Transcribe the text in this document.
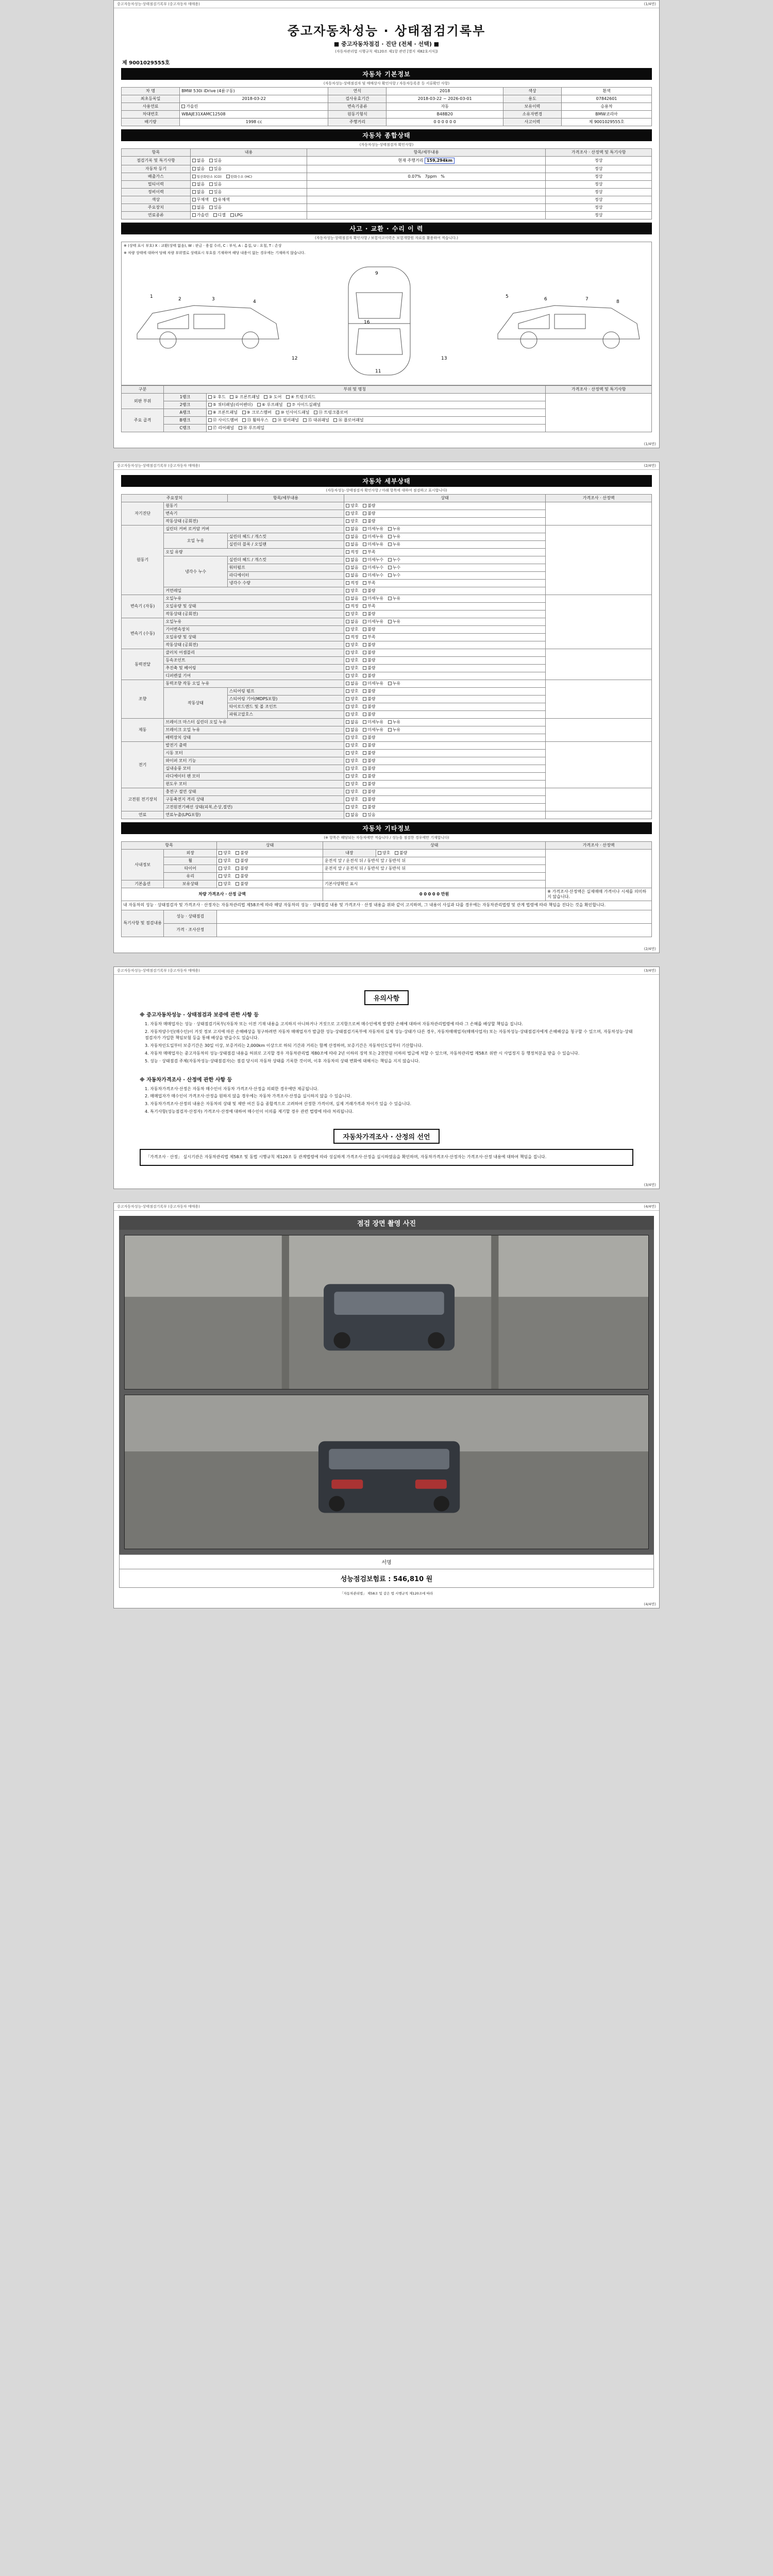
중고자동차성능·상태점검기록부 (중고자동차 매매용)	(1/4면)
중고자동차성능 · 상태점검기록부
■ 중고자동차점검 · 진단 (전체 · 선택) ■
(자동차관리법 시행규칙 제120조 제1항 관련 [별지 제82호서식])
제 9001029555호
자동차 기본정보
(자동차성능·상태점검자 및 매매상사 확인사항 / 자동차등록증 등 서류확인 사항)
차 명	BMW 530i iDrive (4륜구동)	연식	2018	색상	흰색
최초등록일	2018-03-22	검사유효기간	2018-03-22 ~ 2026-03-01	용도	07842601
사용연료	가솔린	변속기종류	자동	보유이력	승용차
차대번호	WBAJE31XAMC12508	원동기형식	B48B20	소유자변경	BMW코리아
배기량	1998 cc	주행거리	0 0 0 0 0 0	사고이력	제 9001029555호
자동차 종합상태
(자동차성능·상태점검자 확인사항)
항목	내용	항목/세부내용	가격조사 · 산정액 및 특기사항
점검기록 및 특기사항	없음 있음	현재 주행거리 159,294km	정상
자동차 등기	없음 있음		정상
배출가스	일산화탄소 (CO) 탄화수소 (HC)	0.07% 7ppm %	정상
멀티이력	없음 있음		정상
정비이력	없음 있음		정상
색상	무채색 유채색		정상
주요장치	없음 있음		정상
연료종류	가솔린 디젤 LPG		정상
사고 · 교환 · 수리 이 력
(자동차성능·상태점검자 확인사항 / 보험사고이력은 보험개발원 자료를 활용하여 적습니다.)
※ (상태 표시 부호) X : 교환(상태 없음), W : 판금 · 용접 수리, C : 부식, A : 흠집, U : 요철, T : 손상
※ 차량 상태에 대하여 당해 차량 부위별로 상태표시 부호를 기재하며 해당 내용이 없는 경우에는 기재하지 않습니다.
1	2	3	4
16
9
11
5	6	7	8
12	13
구분	부위 및 명칭		가격조사 · 산정액 및 특기사항
외판 부위	1랭크	① 후드 ② 프론트패널 ③ 도어 ④ 트렁크리드	
	2랭크	⑤ 쿼터패널(리어펜더) ⑥ 루프패널 ⑦ 사이드실패널	
주요 골격	A랭크	⑧ 프론트패널 ⑨ 크로스멤버 ⑩ 인사이드패널 ⑪ 트렁크플로어	
	B랭크	⑫ 사이드멤버 ⑬ 휠하우스 ⑭ 필러패널 ⑮ 대쉬패널 ⑯ 플로어패널	
	C랭크	⑰ 리어패널 ⑱ 루프레일	
(1/4면)
중고자동차성능·상태점검기록부 (중고자동차 매매용)	(2/4면)
자동차 세부상태
(자동차성능·상태점검자 확인사항 / 아래 항목에 대하여 점검하고 표시합니다)
주요장치		항목/세부내용	상태	가격조사 · 산정액
자기진단	원동기		양호 불량	
	변속기		양호 불량	
	작동상태 (공회전)		양호 불량	
원동기	실린더 커버 로커암 커버		없음 미세누유 누유	
	오일 누유	실린더 헤드 / 개스킷	없음 미세누유 누유	
		실린더 블록 / 오일팬	없음 미세누유 누유	
	오일 유량		적정 부족	
	냉각수 누수	실린더 헤드 / 개스킷	없음 미세누수 누수	
		워터펌프	없음 미세누수 누수	
		라디에이터	없음 미세누수 누수	
		냉각수 수량	적정 부족	
	커먼레일		양호 불량	
변속기 (자동)	오일누유		없음 미세누유 누유	
	오일유량 및 상태		적정 부족	
	작동상태 (공회전)		양호 불량	
변속기 (수동)	오일누유		없음 미세누유 누유	
	기어변속장치		양호 불량	
	오일유량 및 상태		적정 부족	
	작동상태 (공회전)		양호 불량	
동력전달	클러치 어셈블리		양호 불량	
	등속조인트		양호 불량	
	추진축 및 베어링		양호 불량	
	디퍼렌셜 기어		양호 불량	
조향	동력조향 작동 오일 누유		없음 미세누유 누유	
	작동상태	스티어링 펌프	양호 불량	
		스티어링 기어(MDPS포함)	양호 불량	
		타이로드엔드 및 볼 조인트	양호 불량	
		파워고압호스	양호 불량	
제동	브레이크 마스터 실린더 오일 누유		없음 미세누유 누유	
	브레이크 오일 누유		없음 미세누유 누유	
	배력장치 상태		양호 불량	
전기	발전기 출력		양호 불량	
	시동 모터		양호 불량	
	와이퍼 모터 기능		양호 불량	
	실내송풍 모터		양호 불량	
	라디에이터 팬 모터		양호 불량	
	윈도우 모터		양호 불량	
고전원 전기장치	충전구 절연 상태		양호 불량	
	구동축전지 격리 상태		양호 불량	
	고전원전기배선 상태(피복,손상,절연)		양호 불량	
연료	연료누출(LPG포함)		없음 있음	
자동차 기타정보
(※ 항목은 해당되는 자동차에만 적습니다 / 성능을 점검한 경우에만 기재합니다)
항목		상태	상태		가격조사 · 산정액
사내정보	외장	양호 불량	내장	양호 불량	
	휠	양호 불량	운전석 앞 / 운전석 뒤 / 동반석 앞 / 동반석 뒤		
	타이어	양호 불량	운전석 앞 / 운전석 뒤 / 동반석 앞 / 동반석 뒤		
	유리	양호 불량			
기본옵션	보유상태	양호 불량	기본사양확인 표시		
차량 가격조사 · 산정 금액			0 0 0 0 0 만원		※ 가격조사·산정액은 실제매매 가격이나 시세를 의미하지 않습니다.
내 자동차의 성능 · 상태점검자 및 가격조사 · 산정자는 자동차관리법 제58조에 따라 해당 자동차의 성능 · 상태점검 내용 및 가격조사 · 산정 내용을 위와 같이 고지하며, 그 내용이 사실과 다를 경우에는 자동차관리법령 및 관계 법령에 따라 책임을 진다는 것을 확인합니다.					
특기사항 및 점검내용	성능 · 상태점검				
	가격 · 조사산정				
(2/4면)
중고자동차성능·상태점검기록부 (중고자동차 매매용)	(3/4면)
유의사항
※ 중고자동차성능 · 상태점검과 보증에 관한 사항 등
1. 자동차 매매업자는 성능 · 상태점검기록부(자동차 또는 이전 기재 내용을 고지하지 아니하거나 거짓으로 고지함으로써 매수인에게 발생한 손해에 대하여 자동차관리법령에 따라 그 손해를 배상할 책임을 집니다.
2. 자동차양수인(매수인)이 거짓 정보 고지에 따른 손해배상을 청구하려면 자동차 매매업자가 발급한 성능·상태점검기록부에 자동차의 실제 성능·상태가 다른 경우, 자동차매매업자(매매사업자) 또는 자동차성능·상태점검자에게 손해배상을 청구할 수 있으며, 자동차성능·상태점검자가 가입한 책임보험 등을 통해 배상을 받을수도 있습니다.
3. 자동차인도일부터 보증기간은 30일 이상, 보증거리는 2,000km 이상으로 하되 기간과 거리는 함께 산정하며, 보증기간은 자동차인도일부터 기산합니다.
4. 자동차 매매업자는 중고자동차의 성능·상태점검 내용을 허위로 고지할 경우 자동차관리법 제80조에 따라 2년 이하의 징역 또는 2천만원 이하의 벌금에 처할 수 있으며, 자동차관리법 제58조 위반 시 사업정지 등 행정처분을 받을 수 있습니다.
5. 성능 · 상태점검 주체(자동차성능·상태점검자)는 점검 당시의 자동차 상태를 기록한 것이며, 이후 자동차의 상태 변화에 대해서는 책임을 지지 않습니다.
※ 자동차가격조사 · 산정에 관한 사항 등
1. 자동차가격조사·산정은 자동차 매수인이 자동차 가격조사·산정을 의뢰한 경우에만 제공됩니다.
2. 매매업자가 매수인이 가격조사·산정을 원하지 않을 경우에는 자동차 가격조사·산정을 실시하지 않을 수 있습니다.
3. 자동차가격조사·산정의 내용은 자동차의 상태 및 제반 여건 등을 종합적으로 고려하여 산정한 가격이며, 실제 거래가격과 차이가 있을 수 있습니다.
4. 특기사항(성능점검자·산정자) 가격조사·산정에 대하여 매수인이 이의를 제기할 경우 관련 법령에 따라 처리됩니다.
자동차가격조사 · 산정의 선언
「가격조사 · 산정」 실시기관은 자동차관리법 제58조 및 동법 시행규칙 제120조 등 관계법령에 따라 성실하게 가격조사·산정을 실시하였음을 확인하며, 자동차가격조사·산정자는 가격조사·산정 내용에 대하여 책임을 집니다.
(3/4면)
중고자동차성능·상태점검기록부 (중고자동차 매매용)	(4/4면)
점검 장면 촬영 사진
서명
성능점검보험료 : 546,810 원
「자동차관리법」 제58조 및 같은 법 시행규칙 제120조에 따라
(4/4면)
